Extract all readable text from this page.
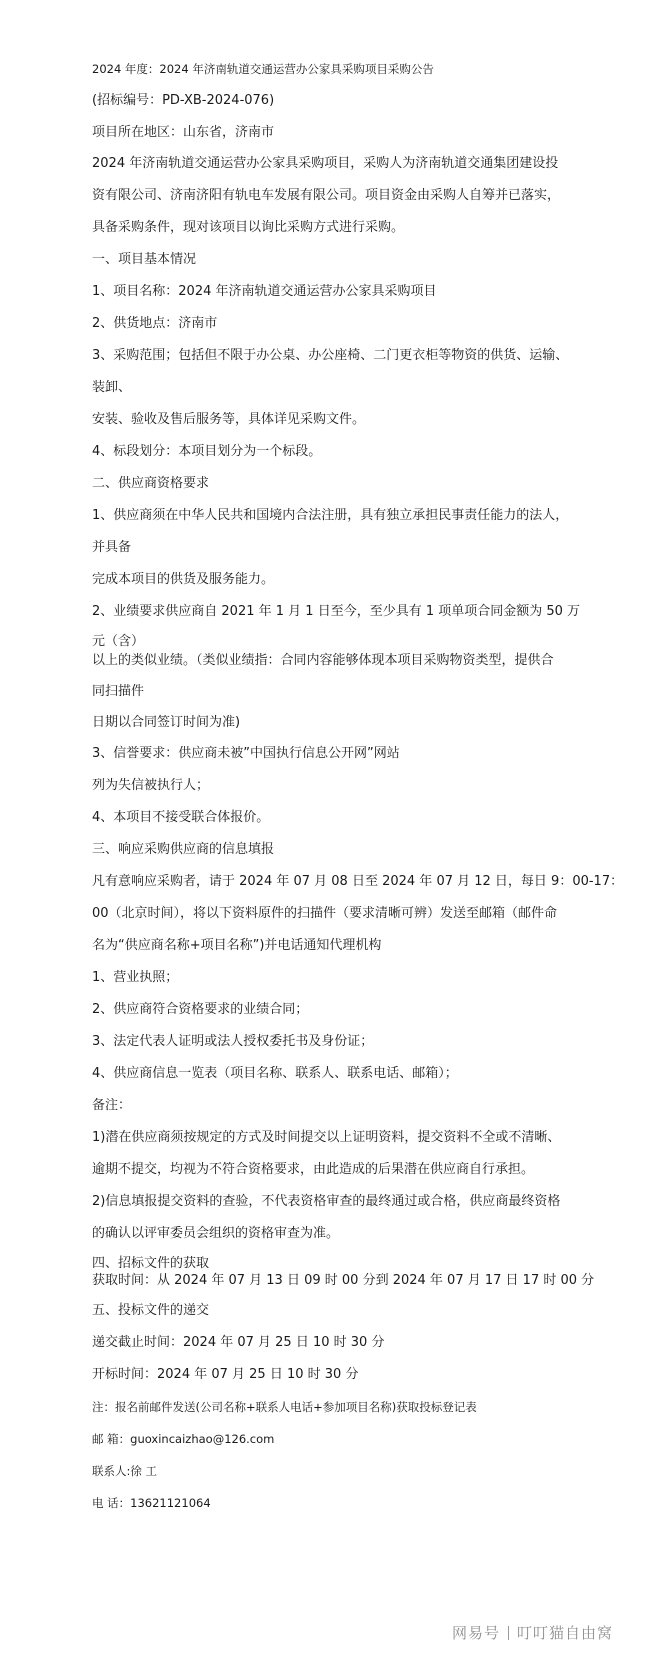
2024 年度：2024 年济南轨道交通运营办公家具采购项目采购公告
(招标编号：PD-XB-2024-076)
项目所在地区：山东省，济南市
2024 年济南轨道交通运营办公家具采购项目，采购人为济南轨道交通集团建设投
资有限公司、济南济阳有轨电车发展有限公司。项目资金由采购人自筹并已落实，
具备采购条件，现对该项目以询比采购方式进行采购。
一、项目基本情况
1、项目名称：2024 年济南轨道交通运营办公家具采购项目
2、供货地点：济南市
3、采购范围；包括但不限于办公桌、办公座椅、二门更衣柜等物资的供货、运输、
装卸、
安装、验收及售后服务等，具体详见采购文件。
4、标段划分：本项目划分为一个标段。
二、供应商资格要求
1、供应商须在中华人民共和国境内合法注册，具有独立承担民事责任能力的法人，
并具备
完成本项目的供货及服务能力。
2、业绩要求供应商自 2021 年 1 月 1 日至今，至少具有 1 项单项合同金额为 50 万
元（含）
以上的类似业绩。（类似业绩指：合同内容能够体现本项目采购物资类型，提供合
同扫描件
日期以合同签订时间为准)
3、信誉要求：供应商未被”中国执行信息公开网”网站
列为失信被执行人；
4、本项目不接受联合体报价。
三、响应采购供应商的信息填报
凡有意响应采购者，请于 2024 年 07 月 08 日至 2024 年 07 月 12 日，每日 9：00-17：
00（北京时间），将以下资料原件的扫描件（要求清晰可辨）发送至邮箱（邮件命
名为“供应商名称+项目名称”)并电话通知代理机构
1、营业执照；
2、供应商符合资格要求的业绩合同；
3、法定代表人证明或法人授权委托书及身份证；
4、供应商信息一览表（项目名称、联系人、联系电话、邮箱）；
备注：
1)潜在供应商须按规定的方式及时间提交以上证明资料，提交资料不全或不清晰、
逾期不提交，均视为不符合资格要求，由此造成的后果潜在供应商自行承担。
2)信息填报提交资料的查验，不代表资格审查的最终通过或合格，供应商最终资格
的确认以评审委员会组织的资格审查为准。
四、招标文件的获取
获取时间：从 2024 年 07 月 13 日 09 时 00 分到 2024 年 07 月 17 日 17 时 00 分
五、投标文件的递交
递交截止时间：2024 年 07 月 25 日 10 时 30 分
开标时间：2024 年 07 月 25 日 10 时 30 分
注：报名前邮件发送(公司名称+联系人电话+参加项目名称)获取投标登记表
邮 箱：guoxincaizhao@126.com
联系人:徐 工
电 话：13621121064
网易号 叮叮猫自由窝
